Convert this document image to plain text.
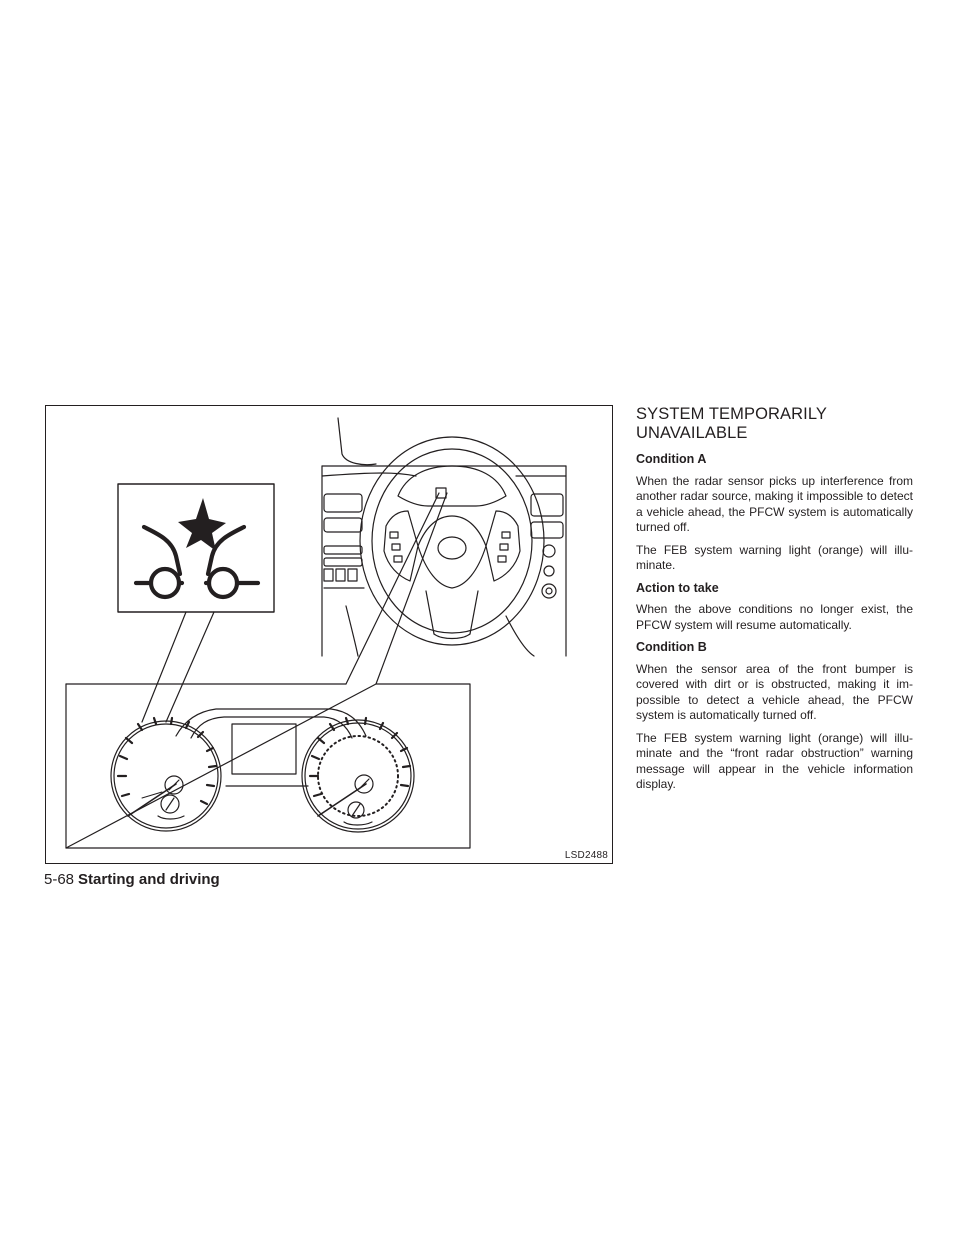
LSD2488
SYSTEM TEMPORARILY
UNAVAILABLE

Condition A

When the radar sensor picks up interference from another radar source, making it impossible to detect a vehicle ahead, the PFCW system is automatically turned off.

The FEB system warning light (orange) will illu-minate.

Action to take

When the above conditions no longer exist, the PFCW system will resume automatically.

Condition B

When the sensor area of the front bumper is covered with dirt or is obstructed, making it im-possible to detect a vehicle ahead, the PFCW system is automatically turned off.

The FEB system warning light (orange) will illu-minate and the “front radar obstruction” warning message will appear in the vehicle information display.

5-68 Starting and driving
